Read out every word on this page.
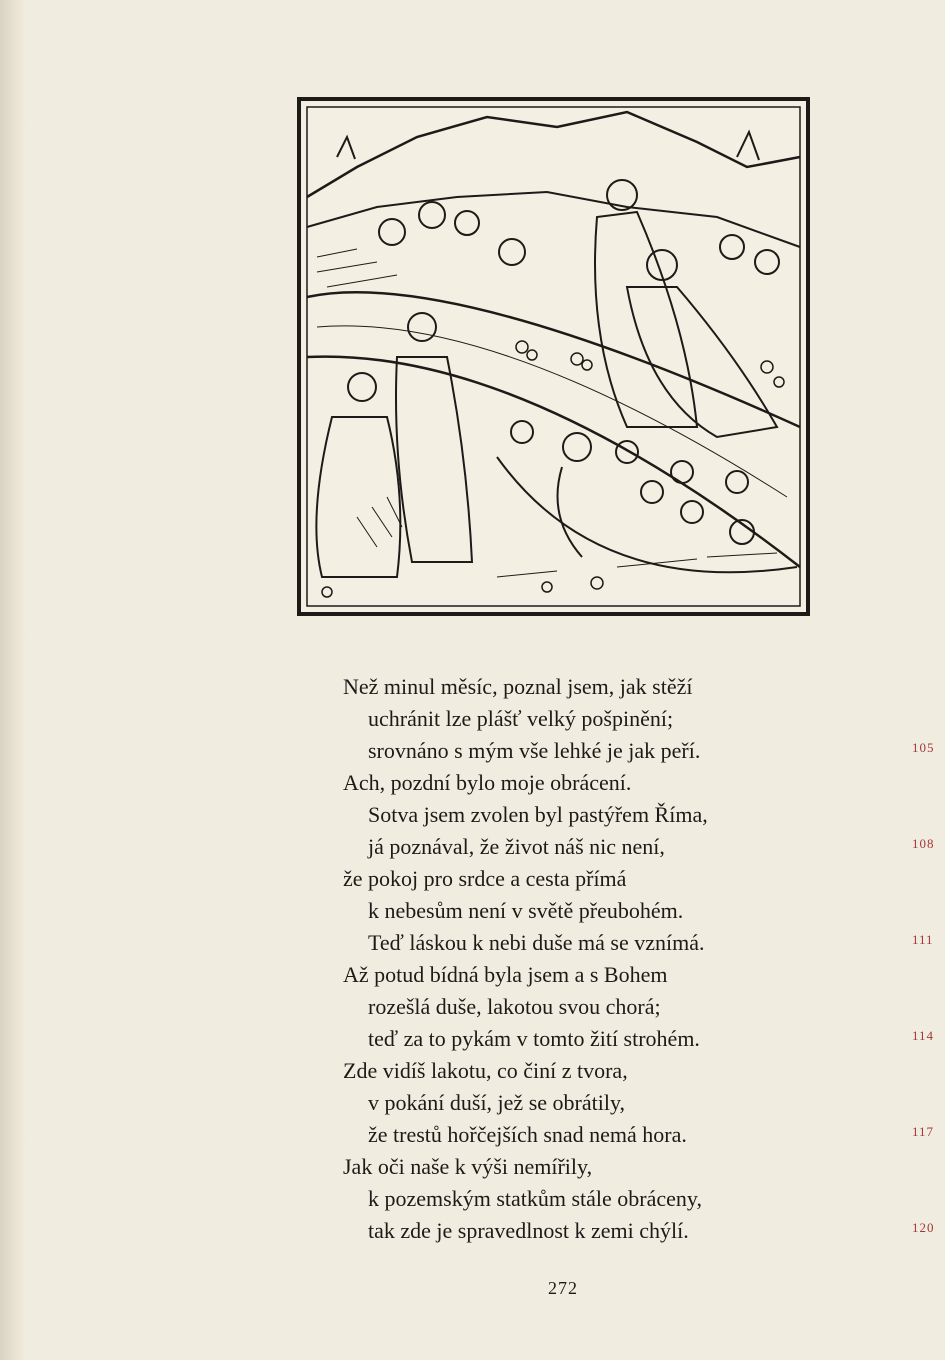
Než minul měsíc, poznal jsem, jak stěží
uchránit lze plášť velký pošpinění;
srovnáno s mým vše lehké je jak peří.
Ach, pozdní bylo moje obrácení.
Sotva jsem zvolen byl pastýřem Říma,
já poznával, že život náš nic není,
že pokoj pro srdce a cesta přímá
k nebesům není v světě přeubohém.
Teď láskou k nebi duše má se vznímá.
Až potud bídná byla jsem a s Bohem
rozešlá duše, lakotou svou chorá;
teď za to pykám v tomto žití strohém.
Zde vidíš lakotu, co činí z tvora,
v pokání duší, jež se obrátily,
že trestů hořčejších snad nemá hora.
Jak oči naše k výši nemířily,
k pozemským statkům stále obráceny,
tak zde je spravedlnost k zemi chýlí.
105
108
111
114
117
120
272
